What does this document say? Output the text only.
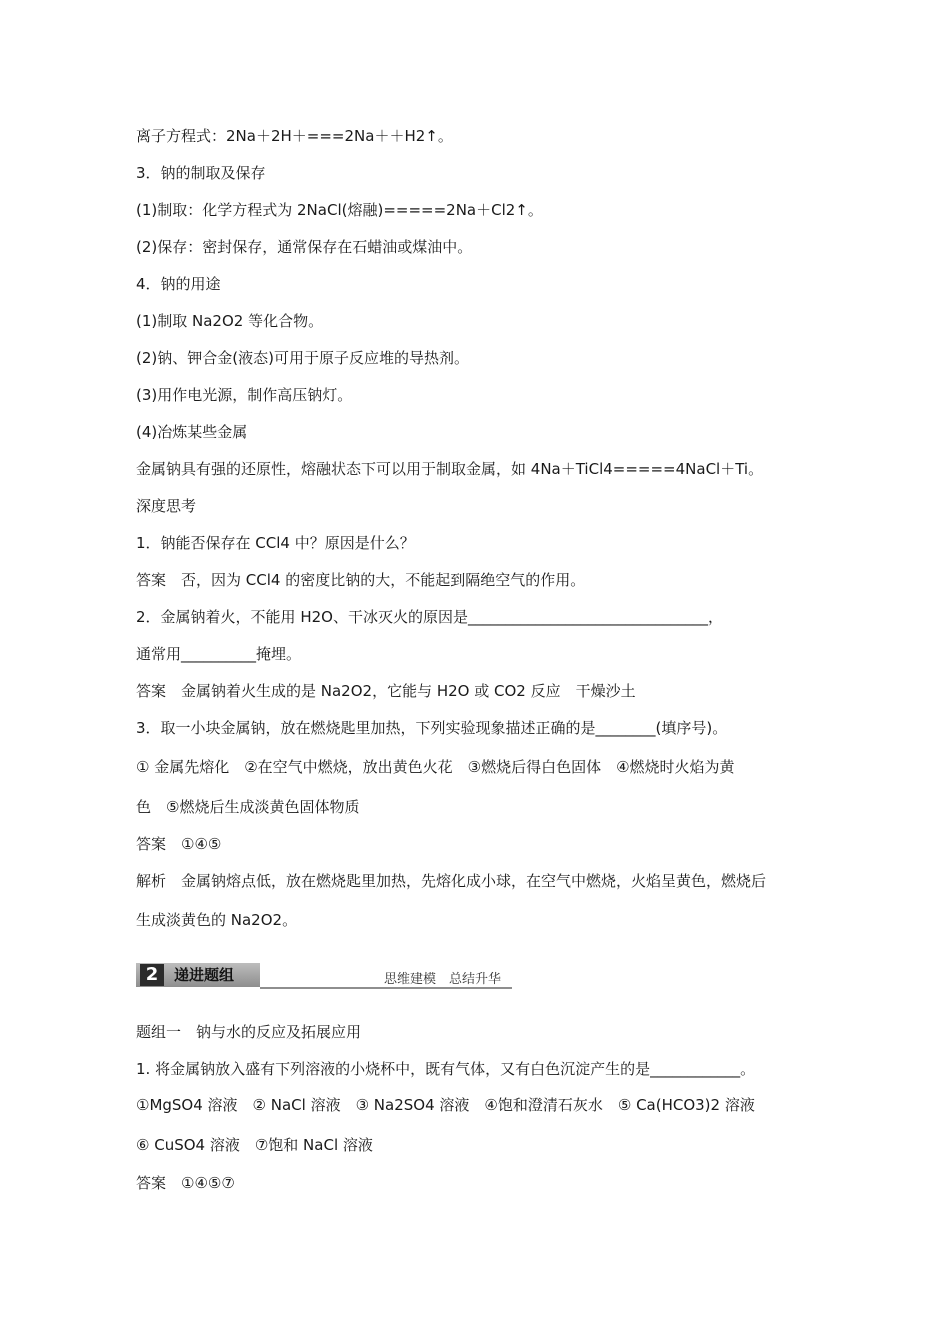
离子方程式：2Na＋2H＋===2Na＋＋H2↑。
3．钠的制取及保存
(1)制取：化学方程式为 2NaCl(熔融)=====2Na＋Cl2↑。
(2)保存：密封保存，通常保存在石蜡油或煤油中。
4．钠的用途
(1)制取 Na2O2 等化合物。
(2)钠、钾合金(液态)可用于原子反应堆的导热剂。
(3)用作电光源，制作高压钠灯。
(4)冶炼某些金属
金属钠具有强的还原性，熔融状态下可以用于制取金属，如 4Na＋TiCl4=====4NaCl＋Ti。
深度思考
1．钠能否保存在 CCl4 中？原因是什么？
答案　否，因为 CCl4 的密度比钠的大，不能起到隔绝空气的作用。
2．金属钠着火，不能用 H2O、干冰灭火的原因是________________________________，
通常用__________掩埋。
答案　金属钠着火生成的是 Na2O2，它能与 H2O 或 CO2 反应　干燥沙土
3．取一小块金属钠，放在燃烧匙里加热，下列实验现象描述正确的是________(填序号)。
① 金属先熔化　②在空气中燃烧，放出黄色火花　③燃烧后得白色固体　④燃烧时火焰为黄
色　⑤燃烧后生成淡黄色固体物质
答案　①④⑤
解析　金属钠熔点低，放在燃烧匙里加热，先熔化成小球，在空气中燃烧，火焰呈黄色，燃烧后
生成淡黄色的 Na2O2。
2	递进题组	思维建模　总结升华
题组一　钠与水的反应及拓展应用
1. 将金属钠放入盛有下列溶液的小烧杯中，既有气体，又有白色沉淀产生的是____________。
①MgSO4 溶液　② NaCl 溶液　③ Na2SO4 溶液　④饱和澄清石灰水　⑤ Ca(HCO3)2 溶液
⑥ CuSO4 溶液　⑦饱和 NaCl 溶液
答案　①④⑤⑦
